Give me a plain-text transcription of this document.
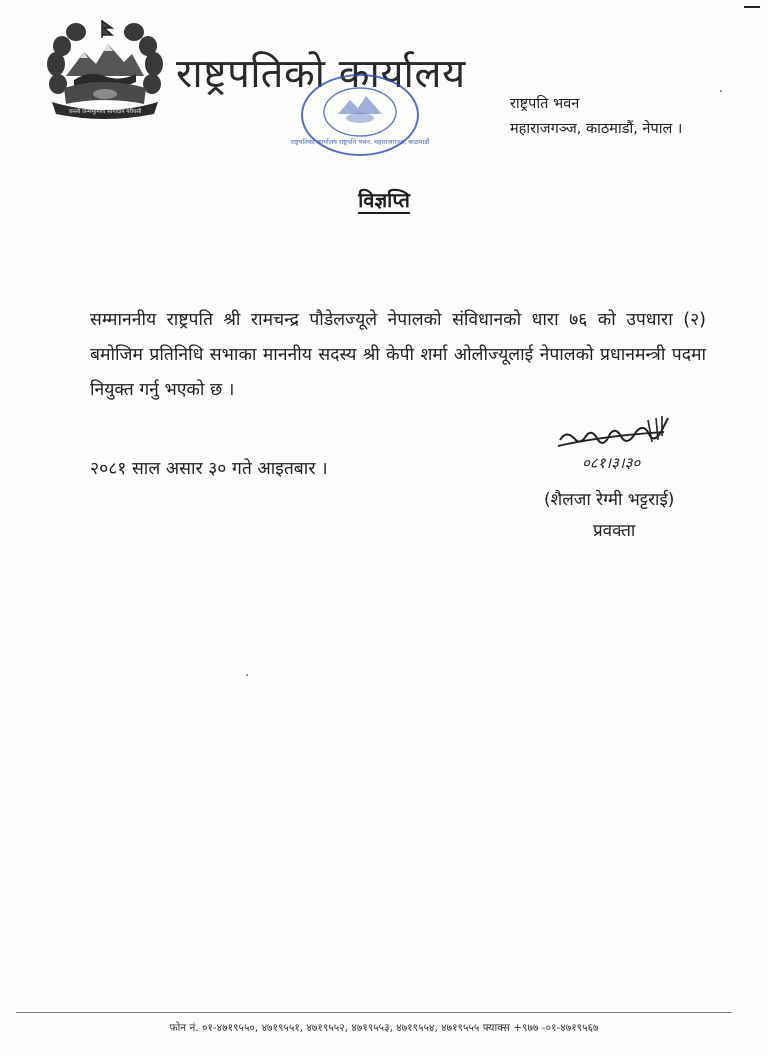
जननी जन्मभूमिश्च स्वर्गादपि गरीयसी
राष्ट्रपतिको कार्यालय
राष्ट्रपतिको कार्यालय राष्ट्रपति भवन, महाराजगञ्ज, काठमाडौं
राष्ट्रपति भवन
महाराजगञ्ज, काठमाडौं, नेपाल ।
विज्ञप्ति
सम्माननीय राष्ट्रपति श्री रामचन्द्र पौडेलज्यूले नेपालको संविधानको धारा ७६ को उपधारा (२) बमोजिम प्रतिनिधि सभाका माननीय सदस्य श्री केपी शर्मा ओलीज्यूलाई नेपालको प्रधानमन्त्री पदमा नियुक्त गर्नु भएको छ ।
२०८१ साल असार ३० गते आइतबार ।	०८१।३।३०
(शैलजा रेग्मी भट्टराई)
प्रवक्ता
फोन नं. ०१-४७१९५५०, ४७१९५५१, ४७१९५५२, ४७१९५५३, ४७१९५५४, ४७१९५५५ फ्याक्स +९७७ -०१-४७१९५६७
